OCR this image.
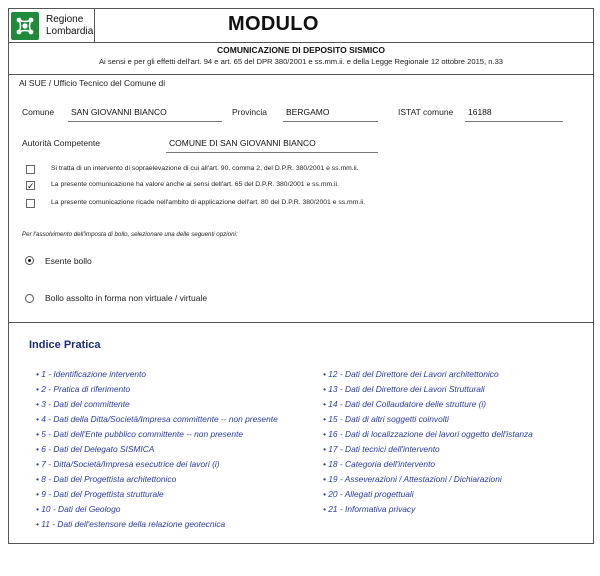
Regione
Lombardia	MODULO
COMUNICAZIONE DI DEPOSITO SISMICO
Ai sensi e per gli effetti dell'art. 94 e art. 65 del DPR 380/2001 e ss.mm.ii. e della Legge Regionale 12 ottobre 2015, n.33
Al SUE / Ufficio Tecnico del Comune di
Comune SAN GIOVANNI BIANCO	Provincia BERGAMO	ISTAT comune 16188
Autorità Competente	COMUNE DI SAN GIOVANNI BIANCO
Si tratta di un intervento di sopraelevazione di cui all'art. 90, comma 2, del D.P.R. 380/2001 e ss.mm.ii.
✓ La presente comunicazione ha valore anche ai sensi dell'art. 65 del D.P.R. 380/2001 e ss.mm.ii.
La presente comunicazione ricade nell'ambito di applicazione dell'art. 80 del D.P.R. 380/2001 e ss.mm.ii.
Per l'assolvimento dell'imposta di bollo, selezionare una delle seguenti opzioni:
Esente bollo
Bollo assolto in forma non virtuale / virtuale
Indice Pratica
• 1 - Identificazione intervento
• 2 - Pratica di riferimento
• 3 - Dati del committente
• 4 - Dati della Ditta/Società/Impresa committente -- non presente
• 5 - Dati dell'Ente pubblico committente -- non presente
• 6 - Dati del Delegato SISMICA
• 7 - Ditta/Società/Impresa esecutrice dei lavori (i)
• 8 - Dati del Progettista architettonico
• 9 - Dati del Progettista strutturale
• 10 - Dati del Geologo
• 11 - Dati dell'estensore della relazione geotecnica
• 12 - Dati del Direttore dei Lavori architettonico
• 13 - Dati del Direttore dei Lavori Strutturali
• 14 - Dati del Collaudatore delle strutture (i)
• 15 - Dati di altri soggetti coinvolti
• 16 - Dati di localizzazione dei lavori oggetto dell'istanza
• 17 - Dati tecnici dell'intervento
• 18 - Categoria dell'intervento
• 19 - Asseverazioni / Attestazioni / Dichiarazioni
• 20 - Allegati progettuali
• 21 - Informativa privacy
